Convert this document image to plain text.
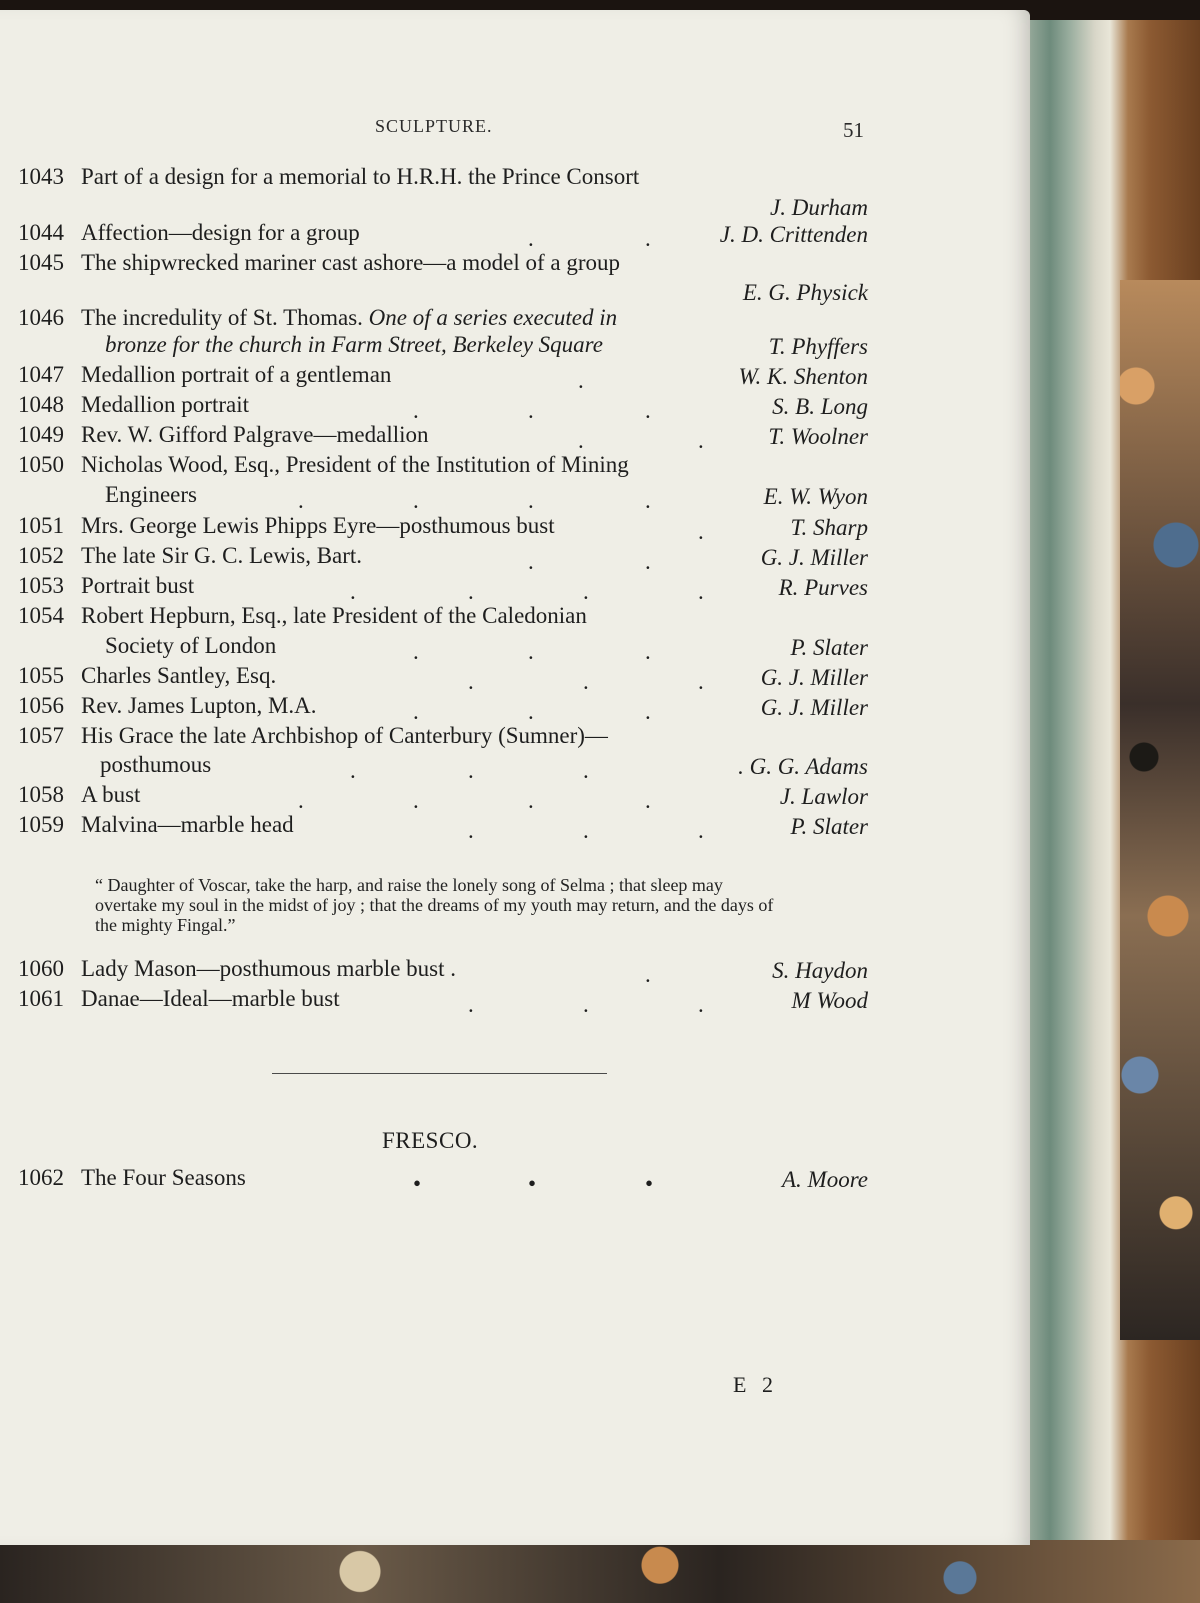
SCULPTURE.	51
1043 Part of a design for a memorial to H.R.H. the Prince Consort
J. Durham
1044 Affection—design for a group	.	.	J. D. Crittenden
1045 The shipwrecked mariner cast ashore—a model of a group
E. G. Physick
1046 The incredulity of St. Thomas. One of a series executed in
bronze for the church in Farm Street, Berkeley Square	T. Phyffers
1047 Medallion portrait of a gentleman	.	W. K. Shenton
1048 Medallion portrait	.	.	.	S. B. Long
1049 Rev. W. Gifford Palgrave—medallion	.	.	T. Woolner
1050 Nicholas Wood, Esq., President of the Institution of Mining
Engineers	.	.	.	.	E. W. Wyon
1051 Mrs. George Lewis Phipps Eyre—posthumous bust	.	T. Sharp
1052 The late Sir G. C. Lewis, Bart.	.	.	G. J. Miller
1053 Portrait bust	.	.	.	.	R. Purves
1054 Robert Hepburn, Esq., late President of the Caledonian
Society of London	.	.	.	P. Slater
1055 Charles Santley, Esq.	.	.	. G. J. Miller
1056 Rev. James Lupton, M.A.	.	.	.	G. J. Miller
1057 His Grace the late Archbishop of Canterbury (Sumner)—
posthumous	.	.	.	. G. G. Adams
1058 A bust	.	.	.	.	J. Lawlor
1059 Malvina—marble head	.	.	.	P. Slater

“ Daughter of Voscar, take the harp, and raise the lonely song of Selma ; that sleep may overtake my soul in the midst of joy ; that the dreams of my youth may return, and the days of the mighty Fingal.”

1060 Lady Mason—posthumous marble bust .	.	S. Haydon
1061 Danae—Ideal—marble bust	.	.	.	M Wood
FRESCO.
1062 The Four Seasons	•	•	•	A. Moore
E 2
